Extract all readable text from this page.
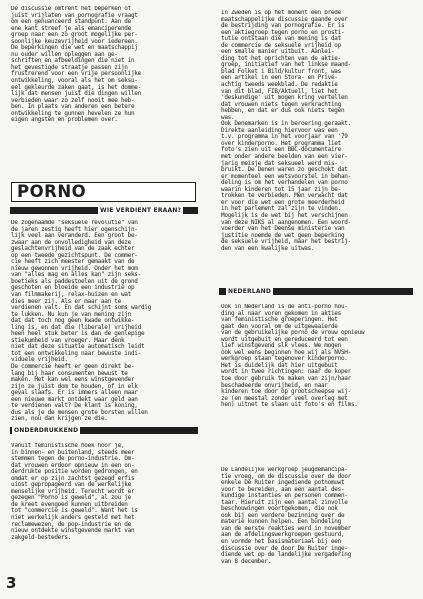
De discussie omtrent het beperken of
juist vrijlaten van pornografie vraagt
om een genuanceerd standpunt. Aan de
ene kant streef je als emanciperende
groep naar een zo groot mogelijke per-
soonlijke keuzevrijheid voor iedereen.
De beperkingen die wet en maatschappij
nu ouder willen opleggen aan ge-
schriften en afbeeldingen die niet in
het gevestigde straatje passen zijn
frustrerend voor een vrije persoonlijke
ontwikkeling, vooral als het om seksu-
eel gekleurde zaken gaat, is het domme-
lijk dat mensen juist die dingen willen
verbieden waar zo zelf nooit mee heb-
ben. In plaats van anderen een betere
ontwikkeling te gunnen hevelen ze hun
eigen angsten en problemen over.

PORNO
WIE VERDIENT ERAAN?

De zogenaamde "seksuele revolutie" van
de jaren zestig heeft hier ogenschijn-
lijk veel aan veranderd. Een groot be-
zwaar aan de onvolledigheid van deze
geslachtenvrijheid van de zaak echter
op een tweede gezichtspunt. De commer-
cie heeft zich meester gemaakt van de
nieuw gewonnen vrijheid. Onder het mom
van "alles mag en alles kan" zijn seks-
boetieks als paddestoelen uit de grond
geschoten en bloeide een industrie op
van filmmakerij, relax-huizen en wat
dies meer zij. Als er maar aan te
verdienen valt. En dat schijnt soms wardig
te lukken. Nu kun je van mening zijn
dat dat toch nog geen kwade ontwikke-
ling is, en dat die (liberale) vrijheid
heen heel stuk beter is dan de genlepige
stiekumheid van vroeger. Maar denk
niet dat deze situatie automatisch leidt
tot een ontwikkeling naar bewuste indi-
viduele vrijheid.
De commercie heeft er geen direkt be-
lang bij haar consumenten bewust te
maken. Het kan wel eens winstgevender
zijn ze juist dom te houden, of in elk
geval slaafs. Er is immers alleen maar
een nieuwe markt ontdekt waar geld aan
te verdienen valt? De klant is koning,
dus als je de mensen grote borsten willen
zien, nou dan krijgen ze die.

ONDERDRUKKEND

Vanuit feministische hoek hoor je,
in binnen- en buitenland, steeds meer
stemmen tegen de porno-industrie. Om-
dat vrouwen erdoor opnieuw in een on-
derdrukte positie worden gedrongen, en
omdat er op zijn zachtst gezegd erfis
uiost gepropageerd van de werkelijke
menselijke vrijheid. Terecht wordt er
gezegen "Porno is geweld", al zou je
de kreet evengoed kunnen uitbreiden
tot "commercie is geweld". Want het is
niet werkelijk anders gesteld met het
reclamewezen, de pop-industrie en de
nieuw ontdekte winstgevende markt van
zakgeld-besteders.

3

In Zweden is op het moment een brede
maatschappelijke discussie gaande over
de bestrijding van pornografie. Er is
een aktiegroep tegen porno en prosti-
tutie ontstaan die van mening is dat
de commercie de seksuele vrijheid op
een smalle manier uitbuit. Aanlei-
ding tot het oprichten van de aktie-
groep, initiatief van het linkse maand-
blad Folket i Bild/kultur front, was
een artikel in een Stora- en Privé-
achtig tweeds weekblad. De redaktie
van dit blad, FIB/Aktuell, liet het
'deskundige' uit mogen kring vertellen
dat vrouwen niets tegen verkrachting
hebben, en dat er dus ook niets tegen
was.
Ook Denemarken is in beroering geraakt.
Direkte aanleiding hiervoor was een
t.v. programma in het voorjaar van '79
over kinderporno. Het programma liet
foto's zien uit een BBC-documentaire
met onder andere beelden van een vier-
jarig meisje dat seksueel werd mis-
bruikt. De Denen waren zo geschokt dat
er momenteel een wetsvoorstel in behan-
deling is om het verhandelen van porno
waarin kinderen tot 15 jaar zijn be-
trokken te verbieden. Men verwacht dat
er voor die wet een grote meerderheid
in het parlement zal zijn te vinden.
Mogelijk is de wet bij het verschijnen
van deze NIKS al aangenomen. Een woord-
voerder van het Deense ministerie van
justitie noemde de wet geen beperking
de seksuele vrijheid, maar het bestrij-
den van een kwalijke uitwas.

NEDERLAND

Ook in Nederland is de anti-porno hou-
ding al naar voren gekomen in akties
van feministische groeperingen. Het
gaat den vooral om de uitgewaaierde
van de gebruikelijke porno de vrouw opnieuw
wordt uitgebuit en gereduceerd tot een
lief winstgevend slk vlees. We mogen
ook wel eens beginnen hoe wij als NVSH-
werkgroep staan tegenover kinderporno.
Het is duidelijk dat hier uitgebuit
wordt in twee richtingen: naar de koper
toe door gebruik te maken van zijn/haar
beschadeerde onvrijheid, en naar
kinderen toe door op grootscheepse wij-
ze (en meestal zonder veel overleg met
hen) uitnet te slaan uit foto's en films.

De Landelijke werkgroep jeugdemancipa-
tie vroeg, om de discussie over de door
enkele De Ruiter ingediende potnomuwt
voor te bereiden, aan een aantal des-
kundige instanties en personen commen-
taar. Hieruit zijn een aantal zinvolle
beschouwingen voortgekomen, die ook
ook bij een verdere bezinning over de
materie kunnen helpen. Een bundeling
van de eerste reakties werd in november
aan de afdelingswerkgroepen gestuurd,
en vormde het basismateriaal bij een
discussie over de door De Ruiter inge-
diende wet op de landelijke vergadering
van 8 december.
